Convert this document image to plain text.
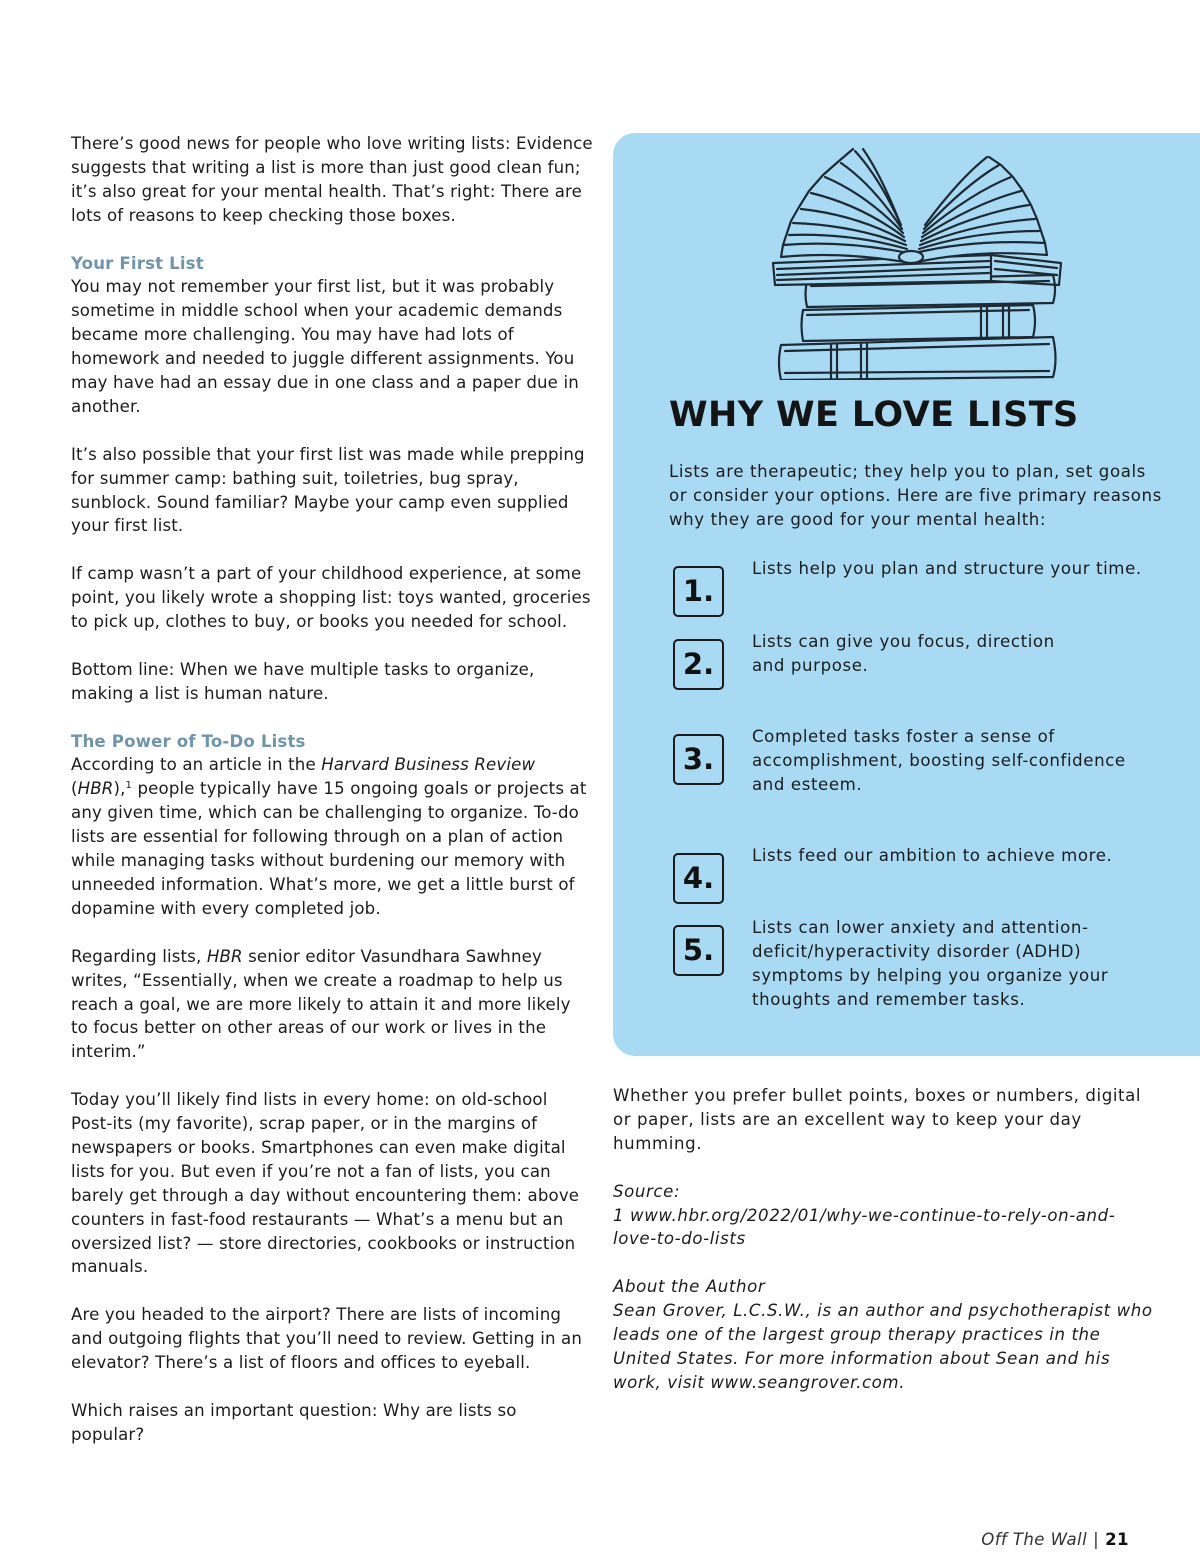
There’s good news for people who love writing lists: Evidence suggests that writing a list is more than just good clean fun; it’s also great for your mental health. That’s right: There are lots of reasons to keep checking those boxes.

Your First List

You may not remember your first list, but it was probably sometime in middle school when your academic demands became more challenging. You may have had lots of homework and needed to juggle different assignments. You may have had an essay due in one class and a paper due in another.

It’s also possible that your first list was made while prepping for summer camp: bathing suit, toiletries, bug spray, sunblock. Sound familiar? Maybe your camp even supplied your first list.

If camp wasn’t a part of your childhood experience, at some point, you likely wrote a shopping list: toys wanted, groceries to pick up, clothes to buy, or books you needed for school.

Bottom line: When we have multiple tasks to organize, making a list is human nature.

The Power of To-Do Lists

According to an article in the Harvard Business Review (HBR),$^1$ people typically have 15 ongoing goals or projects at any given time, which can be challenging to organize. To-do lists are essential for following through on a plan of action while managing tasks without burdening our memory with unneeded information. What’s more, we get a little burst of dopamine with every completed job.

Regarding lists, HBR senior editor Vasundhara Sawhney writes, “Essentially, when we create a roadmap to help us reach a goal, we are more likely to attain it and more likely to focus better on other areas of our work or lives in the interim.”

Today you’ll likely find lists in every home: on old-school Post-its (my favorite), scrap paper, or in the margins of newspapers or books. Smartphones can even make digital lists for you. But even if you’re not a fan of lists, you can barely get through a day without encountering them: above counters in fast-food restaurants — What’s a menu but an oversized list? — store directories, cookbooks or instruction manuals.

Are you headed to the airport? There are lists of incoming and outgoing flights that you’ll need to review. Getting in an elevator? There’s a list of floors and offices to eyeball.

Which raises an important question: Why are lists so popular?

WHY WE LOVE LISTS

Lists are therapeutic; they help you to plan, set goals or consider your options. Here are five primary reasons why they are good for your mental health:

1.
Lists help you plan and structure your time.
2.
Lists can give you focus, direction and purpose.
3.
Completed tasks foster a sense of accomplishment, boosting self-confidence and esteem.
4.
Lists feed our ambition to achieve more.
5.
Lists can lower anxiety and attention-deficit/hyperactivity disorder (ADHD) symptoms by helping you organize your thoughts and remember tasks.

Whether you prefer bullet points, boxes or numbers, digital or paper, lists are an excellent way to keep your day humming.

Source:

1 www.hbr.org/2022/01/why-we-continue-to-rely-on-and-love-to-do-lists

About the Author

Sean Grover, L.C.S.W., is an author and psychotherapist who leads one of the largest group therapy practices in the United States. For more information about Sean and his work, visit www.seangrover.com.

Off The Wall | 21
